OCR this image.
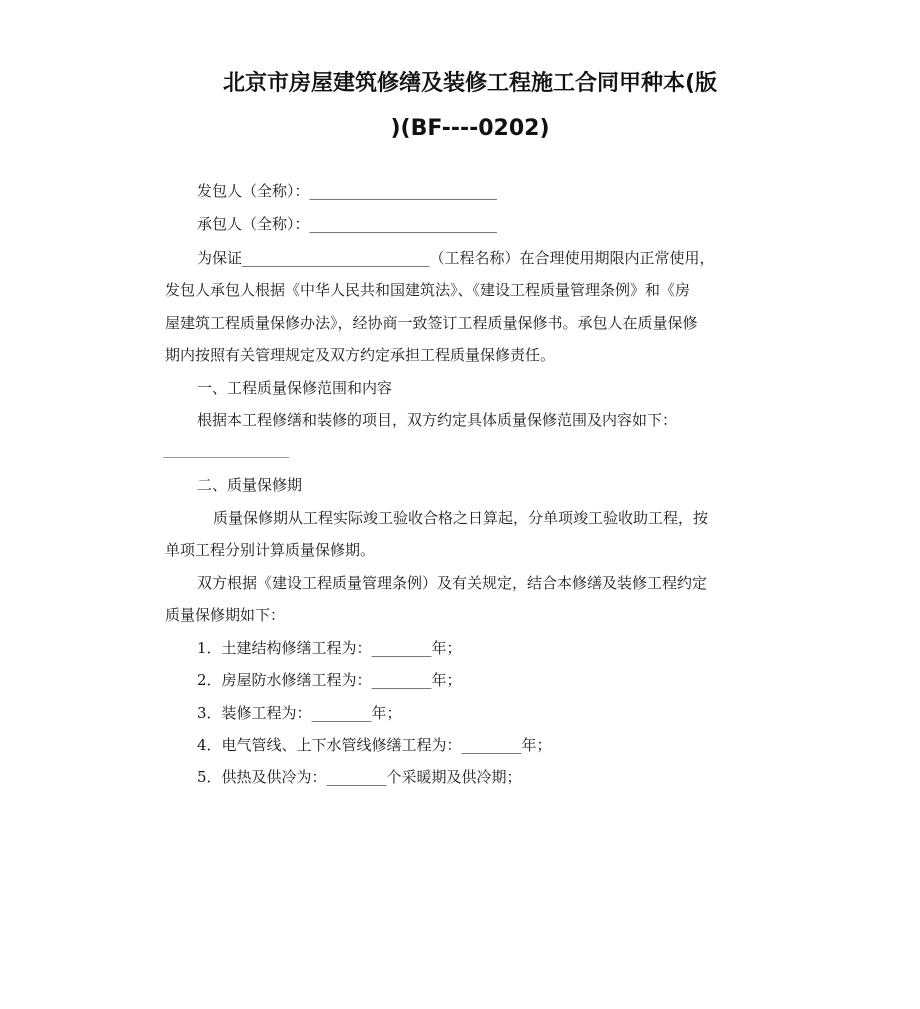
北京市房屋建筑修缮及装修工程施工合同甲种本(版
)(BF----0202)
发包人（全称）：_________________________
承包人（全称）：_________________________
为保证_________________________（工程名称）在合理使用期限内正常使用，
发包人承包人根据《中华人民共和国建筑法》、《建设工程质量管理条例》和《房
屋建筑工程质量保修办法》，经协商一致签订工程质量保修书。承包人在质量保修
期内按照有关管理规定及双方约定承担工程质量保修责任。
一、工程质量保修范围和内容
根据本工程修缮和装修的项目，双方约定具体质量保修范围及内容如下：
二、质量保修期
质量保修期从工程实际竣工验收合格之日算起，分单项竣工验收助工程，按
单项工程分别计算质量保修期。
双方根据《建设工程质量管理条例）及有关规定，结合本修缮及装修工程约定
质量保修期如下：
1．土建结构修缮工程为：________年；
2．房屋防水修缮工程为：________年；
3．装修工程为：________年；
4．电气管线、上下水管线修缮工程为：________年；
5．供热及供冷为：________个采暖期及供冷期；
